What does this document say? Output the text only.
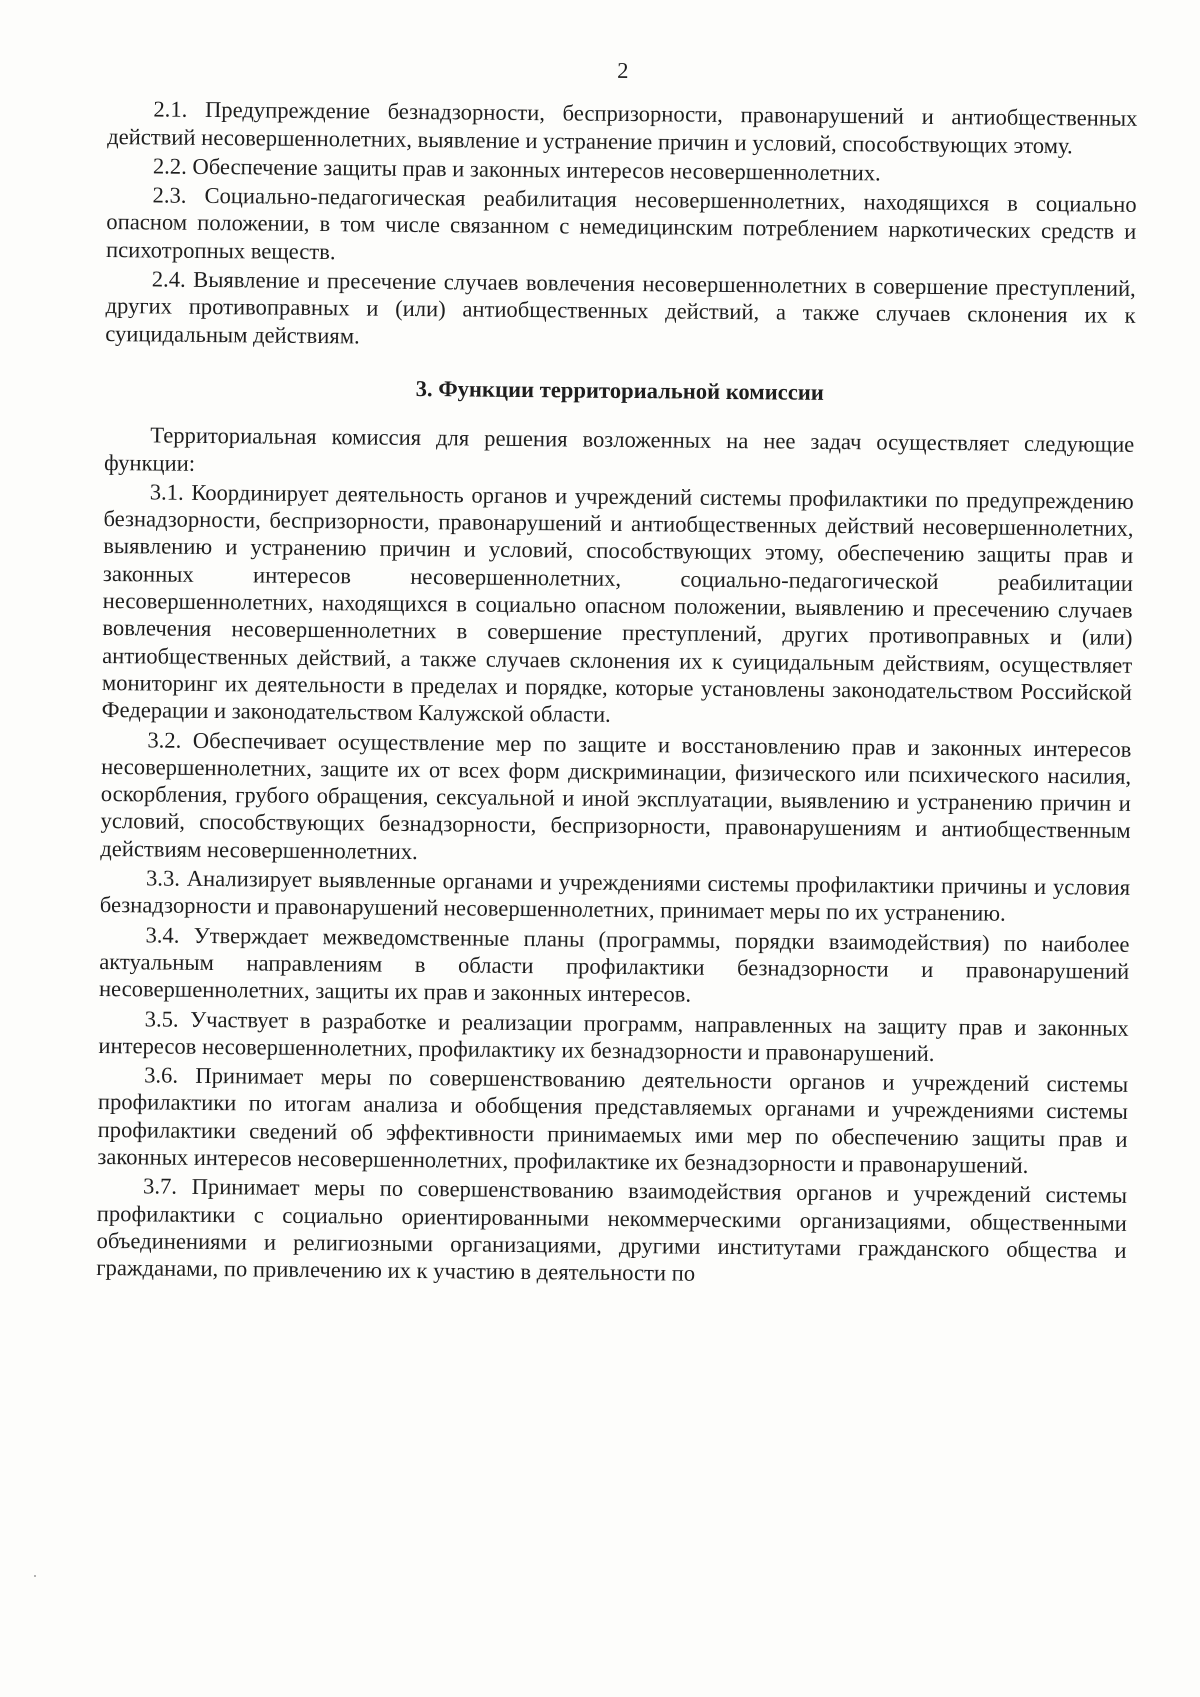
2

2.1. Предупреждение безнадзорности, беспризорности, правонарушений и антиобщественных действий несовершеннолетних, выявление и устранение причин и условий, способствующих этому.

2.2. Обеспечение защиты прав и законных интересов несовершеннолетних.

2.3. Социально-педагогическая реабилитация несовершеннолетних, находящихся в социально опасном положении, в том числе связанном с немедицинским потреблением наркотических средств и психотропных веществ.

2.4. Выявление и пресечение случаев вовлечения несовершеннолетних в совершение преступлений, других противоправных и (или) антиобщественных действий, а также случаев склонения их к суицидальным действиям.

3. Функции территориальной комиссии

Территориальная комиссия для решения возложенных на нее задач осуществляет следующие функции:

3.1. Координирует деятельность органов и учреждений системы профилактики по предупреждению безнадзорности, беспризорности, правонарушений и антиобщественных действий несовершеннолетних, выявлению и устранению причин и условий, способствующих этому, обеспечению защиты прав и законных интересов несовершеннолетних, социально-педагогической реабилитации несовершеннолетних, находящихся в социально опасном положении, выявлению и пресечению случаев вовлечения несовершеннолетних в совершение преступлений, других противоправных и (или) антиобщественных действий, а также случаев склонения их к суицидальным действиям, осуществляет мониторинг их деятельности в пределах и порядке, которые установлены законодательством Российской Федерации и законодательством Калужской области.

3.2. Обеспечивает осуществление мер по защите и восстановлению прав и законных интересов несовершеннолетних, защите их от всех форм дискриминации, физического или психического насилия, оскорбления, грубого обращения, сексуальной и иной эксплуатации, выявлению и устранению причин и условий, способствующих безнадзорности, беспризорности, правонарушениям и антиобщественным действиям несовершеннолетних.

3.3. Анализирует выявленные органами и учреждениями системы профилактики причины и условия безнадзорности и правонарушений несовершеннолетних, принимает меры по их устранению.

3.4. Утверждает межведомственные планы (программы, порядки взаимодействия) по наиболее актуальным направлениям в области профилактики безнадзорности и правонарушений несовершеннолетних, защиты их прав и законных интересов.

3.5. Участвует в разработке и реализации программ, направленных на защиту прав и законных интересов несовершеннолетних, профилактику их безнадзорности и правонарушений.

3.6. Принимает меры по совершенствованию деятельности органов и учреждений системы профилактики по итогам анализа и обобщения представляемых органами и учреждениями системы профилактики сведений об эффективности принимаемых ими мер по обеспечению защиты прав и законных интересов несовершеннолетних, профилактике их безнадзорности и правонарушений.

3.7. Принимает меры по совершенствованию взаимодействия органов и учреждений системы профилактики с социально ориентированными некоммерческими организациями, общественными объединениями и религиозными организациями, другими институтами гражданского общества и гражданами, по привлечению их к участию в деятельности по
